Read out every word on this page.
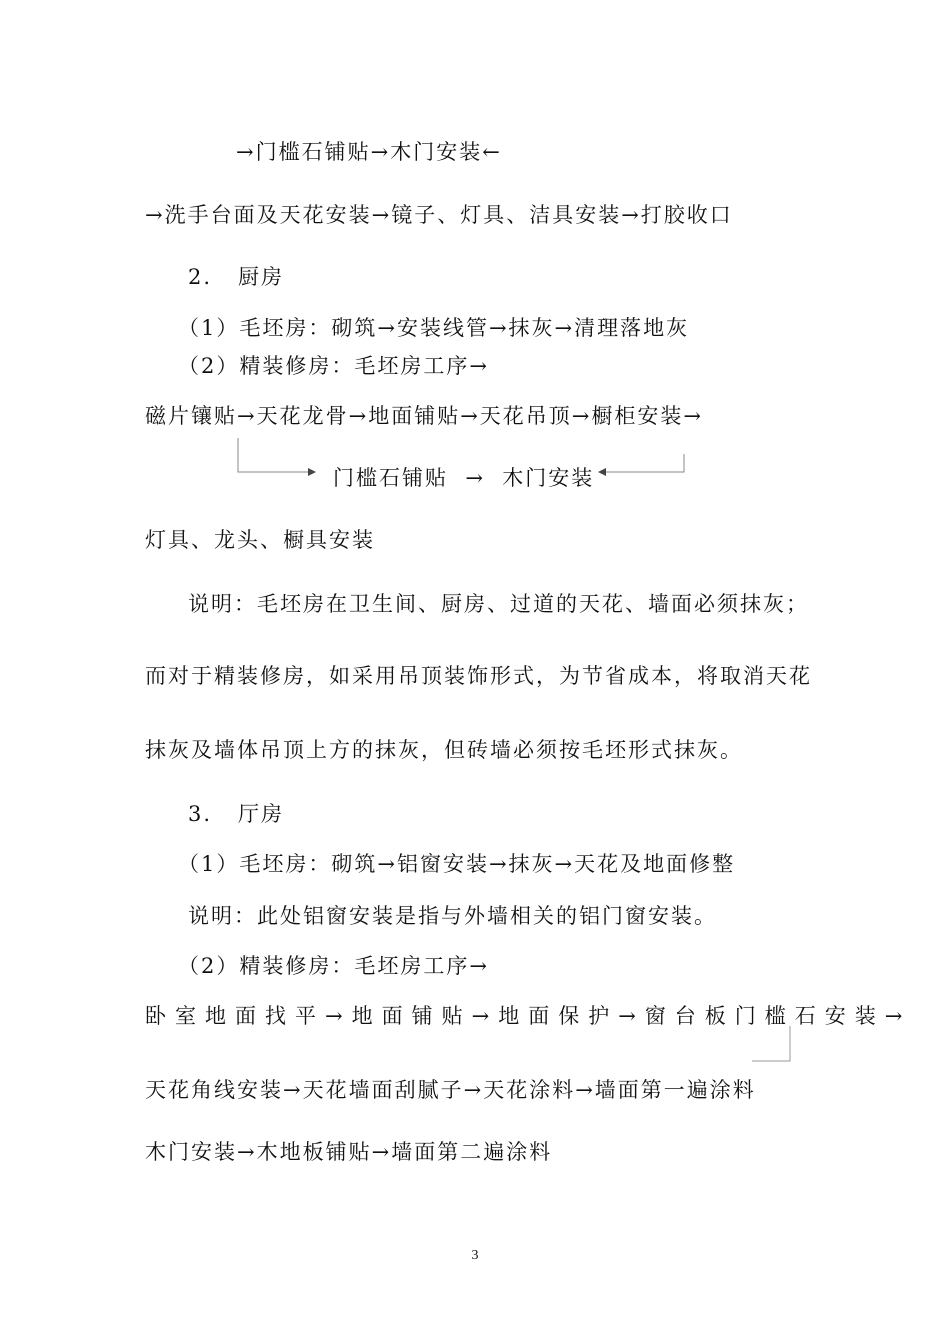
→门槛石铺贴→木门安装←
→洗手台面及天花安装→镜子、灯具、洁具安装→打胶收口
2.   厨房
（1）毛坯房：砌筑→安装线管→抹灰→清理落地灰
（2）精装修房：毛坯房工序→
磁片镶贴→天花龙骨→地面铺贴→天花吊顶→橱柜安装→
门槛石铺贴  →  木门安装
灯具、龙头、橱具安装
说明：毛坯房在卫生间、厨房、过道的天花、墙面必须抹灰；
而对于精装修房，如采用吊顶装饰形式，为节省成本，将取消天花
抹灰及墙体吊顶上方的抹灰，但砖墙必须按毛坯形式抹灰。
3.   厅房
（1）毛坯房：砌筑→铝窗安装→抹灰→天花及地面修整
说明：此处铝窗安装是指与外墙相关的铝门窗安装。
（2）精装修房：毛坯房工序→
卧室地面找平→地面铺贴→地面保护→窗台板门槛石安装→
天花角线安装→天花墙面刮腻子→天花涂料→墙面第一遍涂料
木门安装→木地板铺贴→墙面第二遍涂料
3
